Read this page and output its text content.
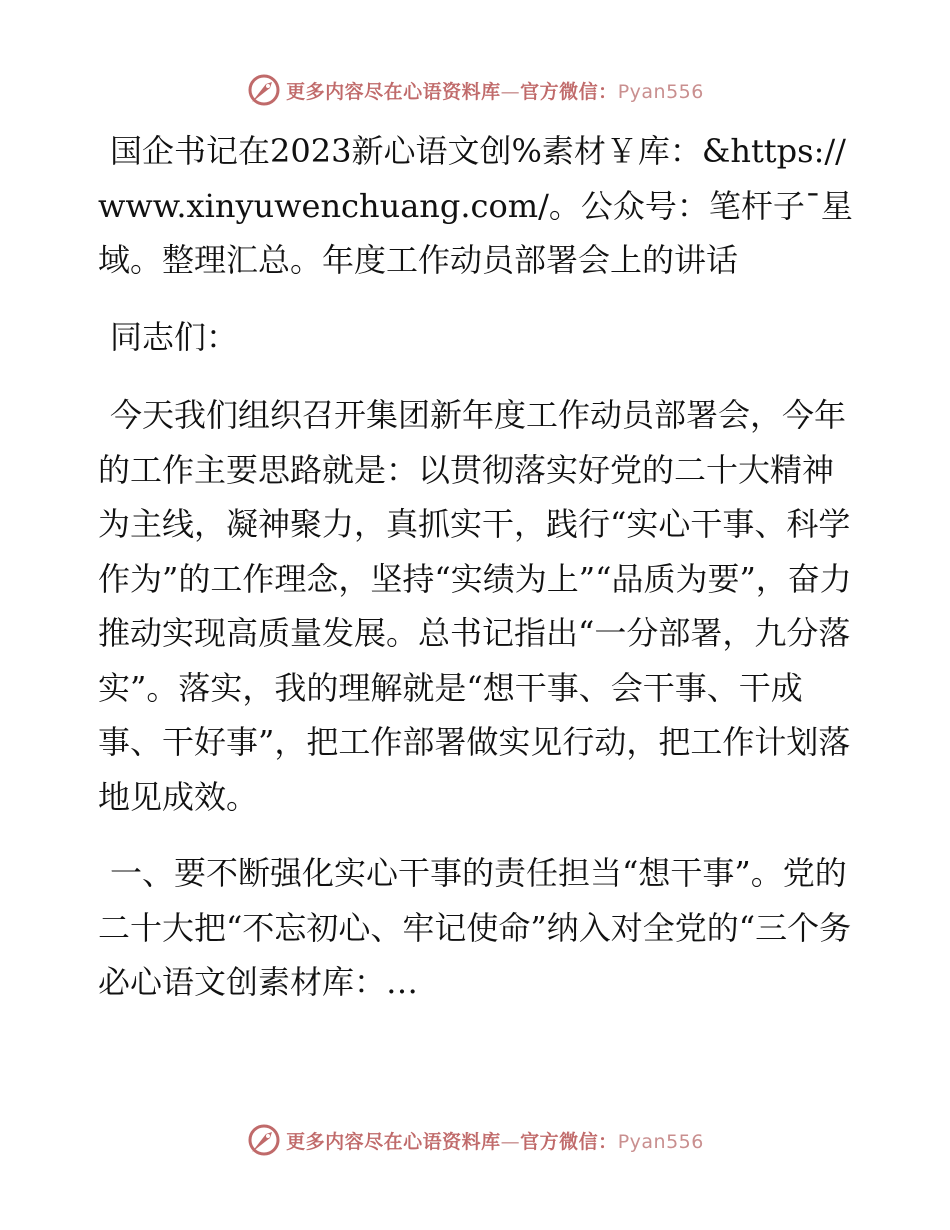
更多内容尽在心语资料库—官方微信：Pyan556

国企书记在2023新心语文创%素材￥库：&https://www.xinyuwenchuang.com/。公众号：笔杆子¯星域。整理汇总。年度工作动员部署会上的讲话

同志们：

今天我们组织召开集团新年度工作动员部署会，今年的工作主要思路就是：以贯彻落实好党的二十大精神为主线，凝神聚力，真抓实干，践行“实心干事、科学作为”的工作理念，坚持“实绩为上”“品质为要”，奋力推动实现高质量发展。总书记指出“一分部署，九分落实”。落实，我的理解就是“想干事、会干事、干成事、干好事”，把工作部署做实见行动，把工作计划落地见成效。

一、要不断强化实心干事的责任担当“想干事”。党的二十大把“不忘初心、牢记使命”纳入对全党的“三个务必心语文创素材库：…

更多内容尽在心语资料库—官方微信：Pyan556
